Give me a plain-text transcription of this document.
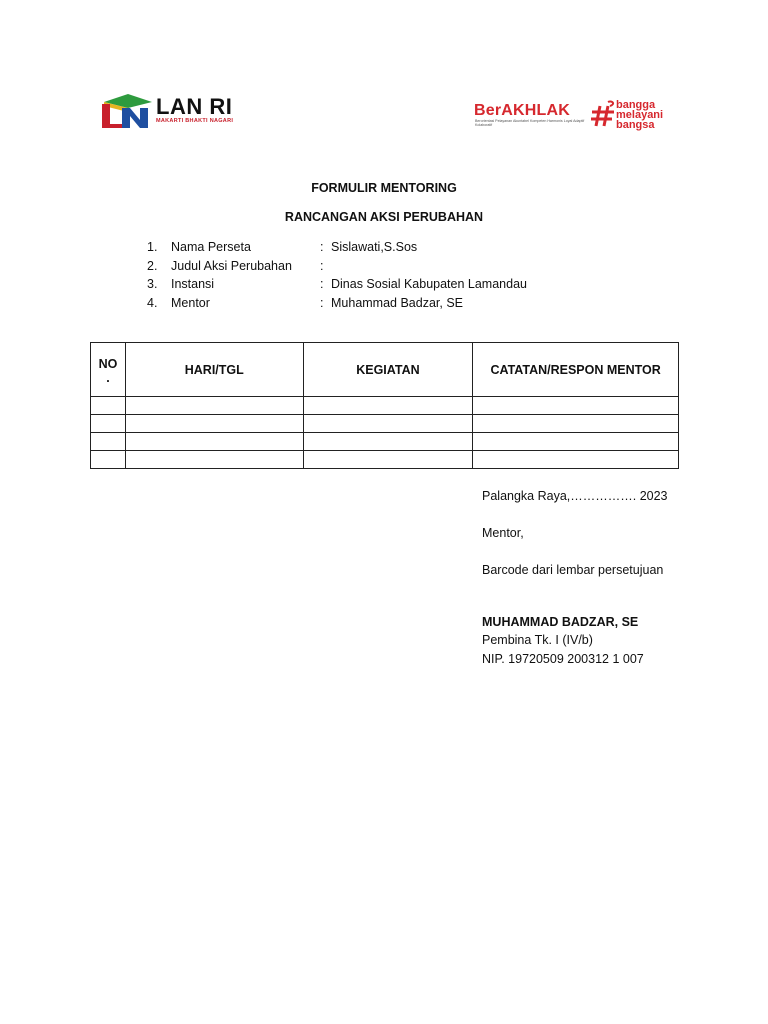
LAN RI
MAKARTI BHAKTI NAGARI
BerAKHLAK
Berorientasi Pelayanan Akuntabel Kompeten Harmonis Loyal Adaptif Kolaboratif
bangga
melayani
bangsa
FORMULIR MENTORING
RANCANGAN AKSI PERUBAHAN
1. Nama Perseta	: Sislawati,S.Sos
2. Judul Aksi Perubahan :
3. Instansi	: Dinas Sosial Kabupaten Lamandau
4. Mentor	: Muhammad Badzar, SE
NO
.	HARI/TGL	KEGIATAN	CATATAN/RESPON MENTOR

Palangka Raya,……………. 2023
Mentor,
Barcode dari lembar persetujuan
MUHAMMAD BADZAR, SE
Pembina Tk. I (IV/b)
NIP. 19720509 200312 1 007
